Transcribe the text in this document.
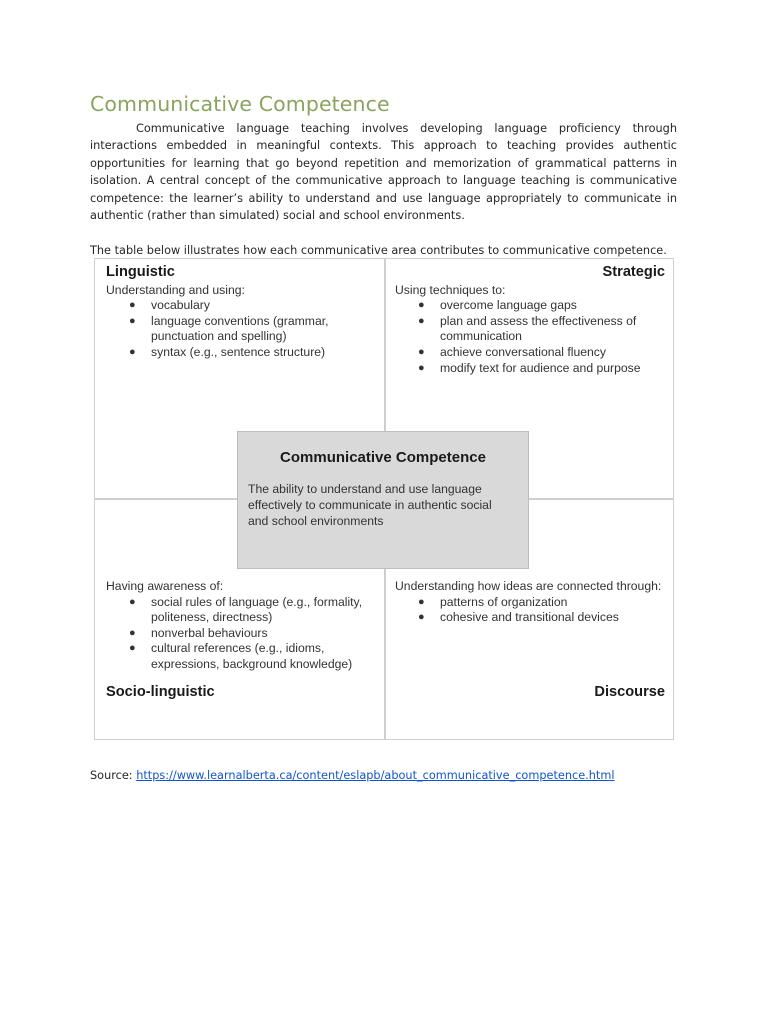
Communicative Competence

Communicative language teaching involves developing language proficiency through interactions embedded in meaningful contexts. This approach to teaching provides authentic opportunities for learning that go beyond repetition and memorization of grammatical patterns in isolation. A central concept of the communicative approach to language teaching is communicative competence: the learner’s ability to understand and use language appropriately to communicate in authentic (rather than simulated) social and school environments.

The table below illustrates how each communicative area contributes to communicative competence.

Linguistic
Understanding and using:
● vocabulary
● language conventions (grammar, punctuation and spelling)
● syntax (e.g., sentence structure)
Strategic
Using techniques to:
● overcome language gaps
● plan and assess the effectiveness of communication
● achieve conversational fluency
● modify text for audience and purpose
Having awareness of:
● social rules of language (e.g., formality, politeness, directness)
● nonverbal behaviours
● cultural references (e.g., idioms, expressions, background knowledge)
Socio-linguistic
Understanding how ideas are connected through:
● patterns of organization
● cohesive and transitional devices
Discourse
Communicative Competence
The ability to understand and use language effectively to communicate in authentic social and school environments
Source: https://www.learnalberta.ca/content/eslapb/about_communicative_competence.html
